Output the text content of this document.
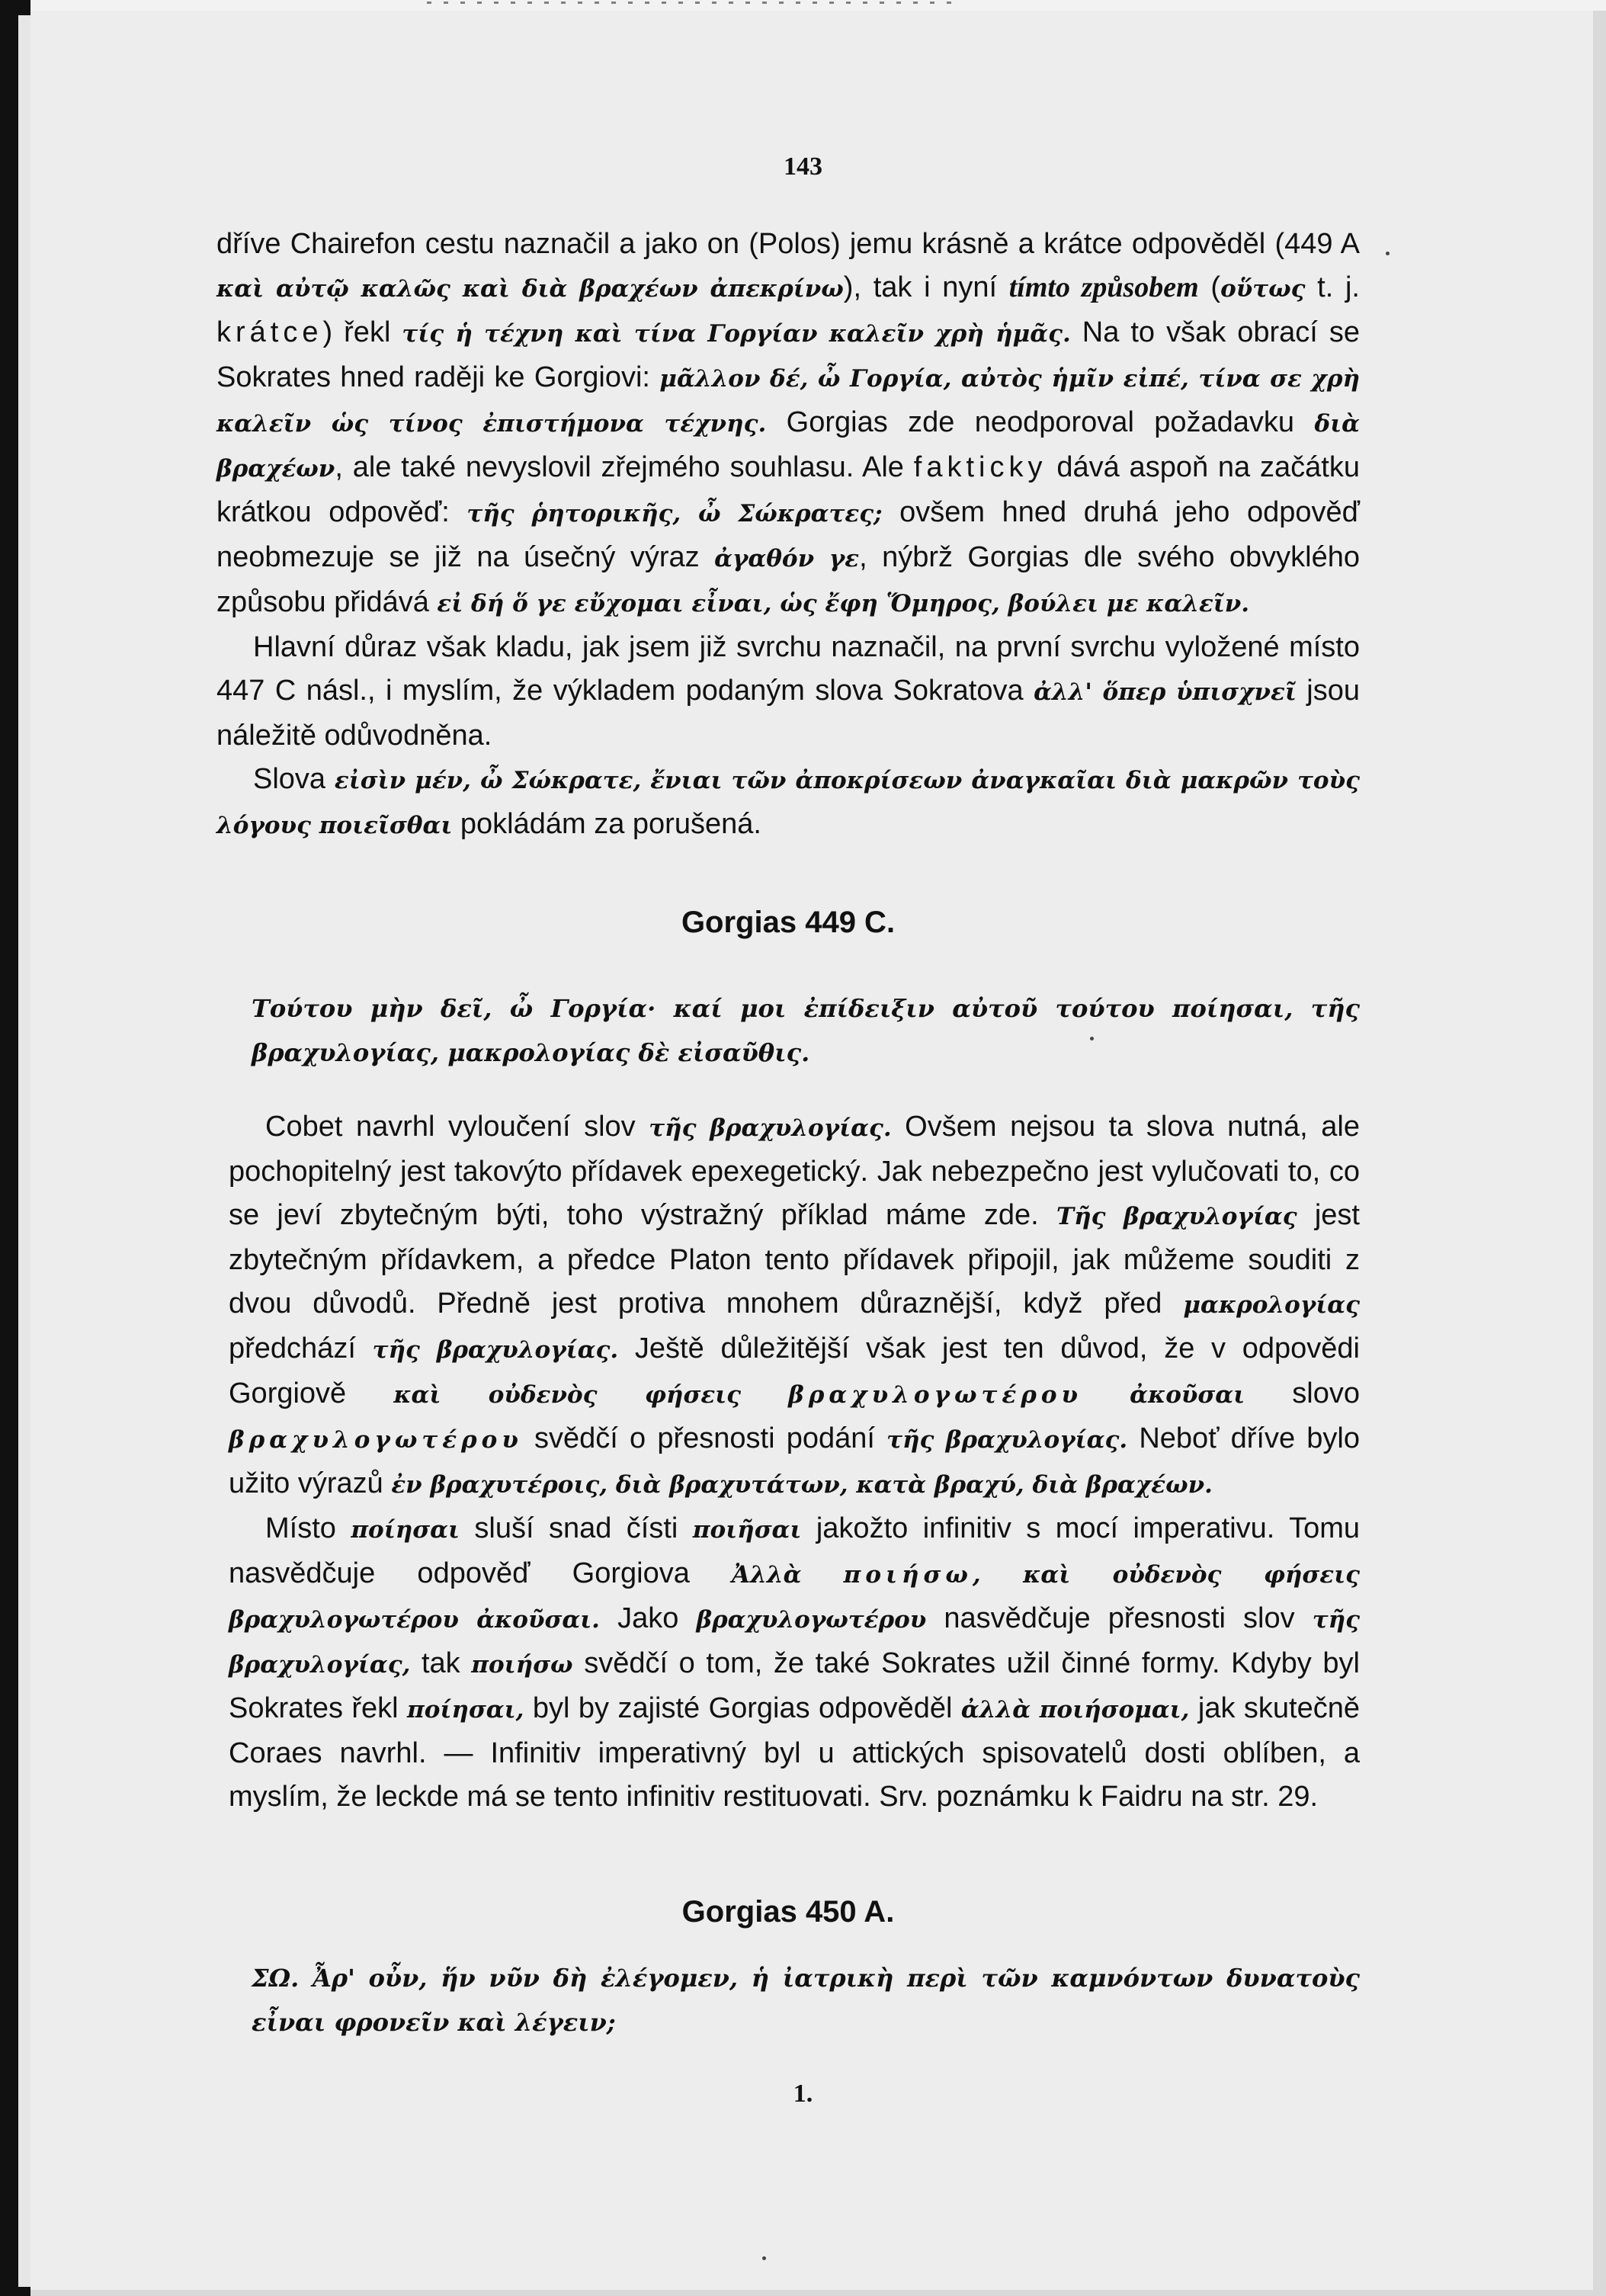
143

dříve Chairefon cestu naznačil a jako on (Polos) jemu krásně a krátce odpověděl (449 A καὶ αὐτῷ καλῶς καὶ διὰ βραχέων ἀπεκρίνω), tak i nyní tímto způsobem (οὕτως t. j. krátce) řekl τίς ἡ τέχνη καὶ τίνα Γοργίαν καλεῖν χρὴ ἡμᾶς. Na to však obrací se Sokrates hned raději ke Gorgiovi: μᾶλλον δέ, ὦ Γοργία, αὐτὸς ἡμῖν εἰπέ, τίνα σε χρὴ καλεῖν ὡς τίνος ἐπιστήμονα τέχνης. Gorgias zde neodporoval požadavku διὰ βραχέων, ale také nevyslovil zřejmého souhlasu. Ale fakticky dává aspoň na začátku krátkou odpověď: τῆς ῥητορικῆς, ὦ Σώκρατες; ovšem hned druhá jeho odpověď neobmezuje se již na úsečný výraz ἀγαθόν γε, nýbrž Gorgias dle svého obvyklého způsobu přidává εἰ δή ὅ γε εὔχομαι εἶναι, ὡς ἔφη Ὅμηρος, βούλει με καλεῖν.

Hlavní důraz však kladu, jak jsem již svrchu naznačil, na první svrchu vyložené místo 447 C násl., i myslím, že výkladem podaným slova Sokratova ἀλλ' ὅπερ ὑπισχνεῖ jsou náležitě odůvodněna.

Slova εἰσὶν μέν, ὦ Σώκρατε, ἔνιαι τῶν ἀποκρίσεων ἀναγκαῖαι διὰ μακρῶν τοὺς λόγους ποιεῖσθαι pokládám za porušená.

Gorgias 449 C.

Τούτου μὴν δεῖ, ὦ Γοργία· καί μοι ἐπίδειξιν αὐτοῦ τούτου ποίησαι, τῆς βραχυλογίας, μακρολογίας δὲ εἰσαῦθις.

Cobet navrhl vyloučení slov τῆς βραχυλογίας. Ovšem nejsou ta slova nutná, ale pochopitelný jest takovýto přídavek epexegetický. Jak nebezpečno jest vylučovati to, co se jeví zbytečným býti, toho výstražný příklad máme zde. Τῆς βραχυλογίας jest zbytečným přídavkem, a předce Platon tento přídavek připojil, jak můžeme souditi z dvou důvodů. Předně jest protiva mnohem důraznější, když před μακρολογίας předchází τῆς βραχυλογίας. Ještě důležitější však jest ten důvod, že v odpovědi Gorgiově καὶ οὐδενὸς φήσεις βραχυλογωτέρου ἀκοῦσαι slovo βραχυλογωτέρου svědčí o přesnosti podání τῆς βραχυλογίας. Neboť dříve bylo užito výrazů ἐν βραχυτέροις, διὰ βραχυτάτων, κατὰ βραχύ, διὰ βραχέων.

Místo ποίησαι sluší snad čísti ποιῆσαι jakožto infinitiv s mocí imperativu. Tomu nasvědčuje odpověď Gorgiova Ἀλλὰ ποιήσω, καὶ οὐδενὸς φήσεις βραχυλογωτέρου ἀκοῦσαι. Jako βραχυλογωτέρου nasvědčuje přesnosti slov τῆς βραχυλογίας, tak ποιήσω svědčí o tom, že také Sokrates užil činné formy. Kdyby byl Sokrates řekl ποίησαι, byl by zajisté Gorgias odpověděl ἀλλὰ ποιήσομαι, jak skutečně Coraes navrhl. — Infinitiv imperativný byl u attických spisovatelů dosti oblíben, a myslím, že leckde má se tento infinitiv restituovati. Srv. poznámku k Faidru na str. 29.

Gorgias 450 A.

ΣΩ. Ἆρ' οὖν, ἥν νῦν δὴ ἐλέγομεν, ἡ ἰατρικὴ περὶ τῶν καμνόντων δυνατοὺς εἶναι φρονεῖν καὶ λέγειν;

1.
